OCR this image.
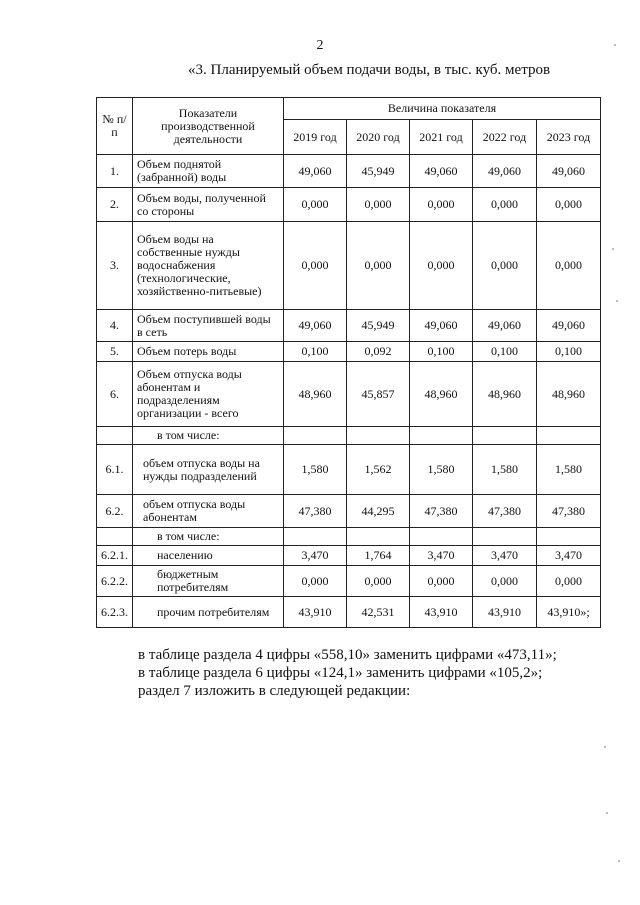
2
«3. Планируемый объем подачи воды, в тыс. куб. метров
№ п/п	Показатели производственной деятельности	Величина показателя				
		2019 год	2020 год	2021 год	2022 год	2023 год
1.	Объем поднятой (забранной) воды	49,060	45,949	49,060	49,060	49,060
2.	Объем воды, полученной со стороны	0,000	0,000	0,000	0,000	0,000
3.	Объем воды на собственные нужды водоснабжения (технологические, хозяйственно-питьевые)	0,000	0,000	0,000	0,000	0,000
4.	Объем поступившей воды в сеть	49,060	45,949	49,060	49,060	49,060
5.	Объем потерь воды	0,100	0,092	0,100	0,100	0,100
6.	Объем отпуска воды абонентам и подразделениям организации - всего	48,960	45,857	48,960	48,960	48,960
	в том числе:					
6.1.	объем отпуска воды на нужды подразделений	1,580	1,562	1,580	1,580	1,580
6.2.	объем отпуска воды абонентам	47,380	44,295	47,380	47,380	47,380
	в том числе:					
6.2.1.	населению	3,470	1,764	3,470	3,470	3,470
6.2.2.	бюджетным потребителям	0,000	0,000	0,000	0,000	0,000
6.2.3.	прочим потребителям	43,910	42,531	43,910	43,910	43,910»;
в таблице раздела 4 цифры «558,10» заменить цифрами «473,11»;
в таблице раздела 6 цифры «124,1» заменить цифрами «105,2»;
раздел 7 изложить в следующей редакции:
